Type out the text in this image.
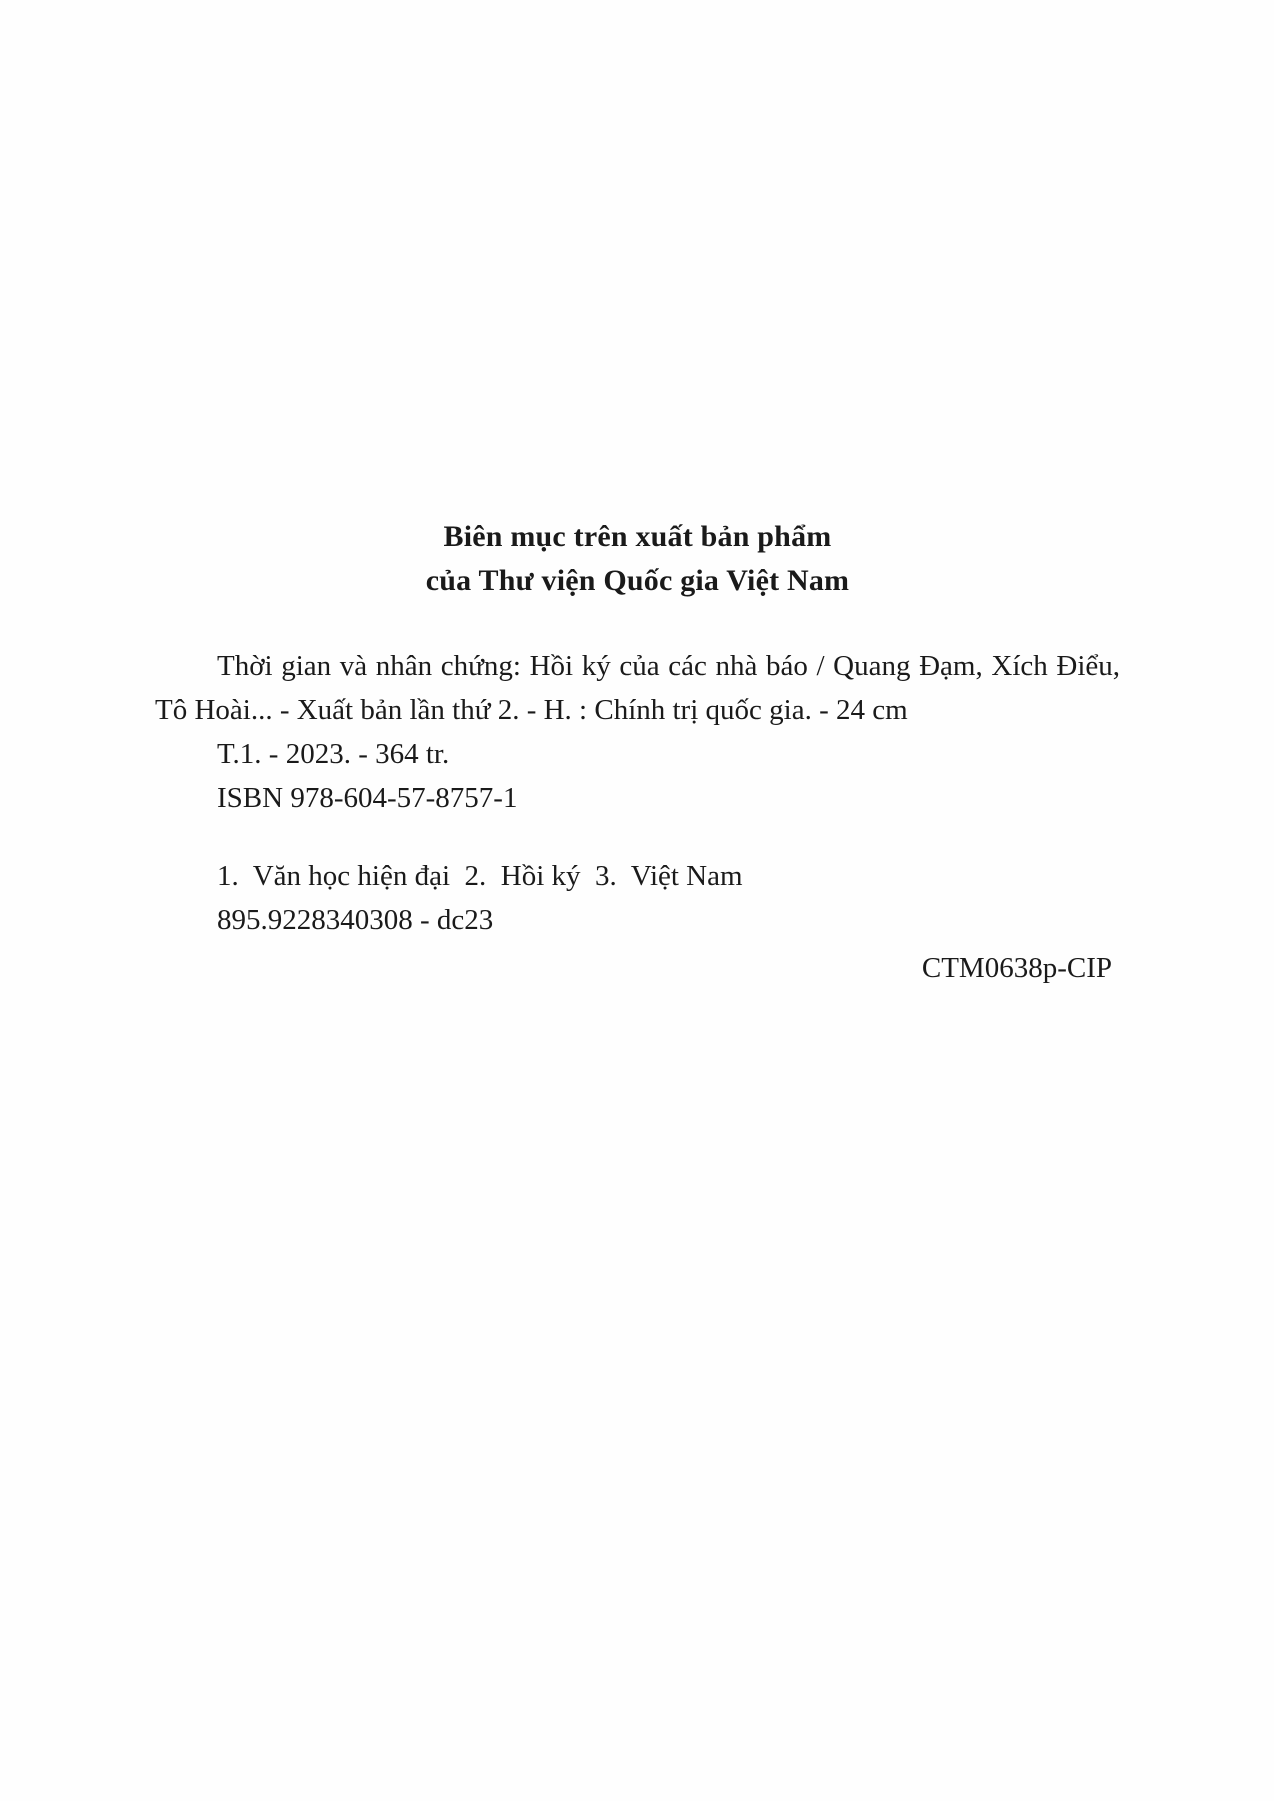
Biên mục trên xuất bản phẩm
của Thư viện Quốc gia Việt Nam

Thời gian và nhân chứng: Hồi ký của các nhà báo / Quang Đạm, Xích Điểu, Tô Hoài... - Xuất bản lần thứ 2. - H. : Chính trị quốc gia. - 24 cm

T.1. - 2023. - 364 tr.

ISBN 978-604-57-8757-1

1.  Văn học hiện đại  2.  Hồi ký  3.  Việt Nam

895.9228340308 - dc23

CTM0638p-CIP
